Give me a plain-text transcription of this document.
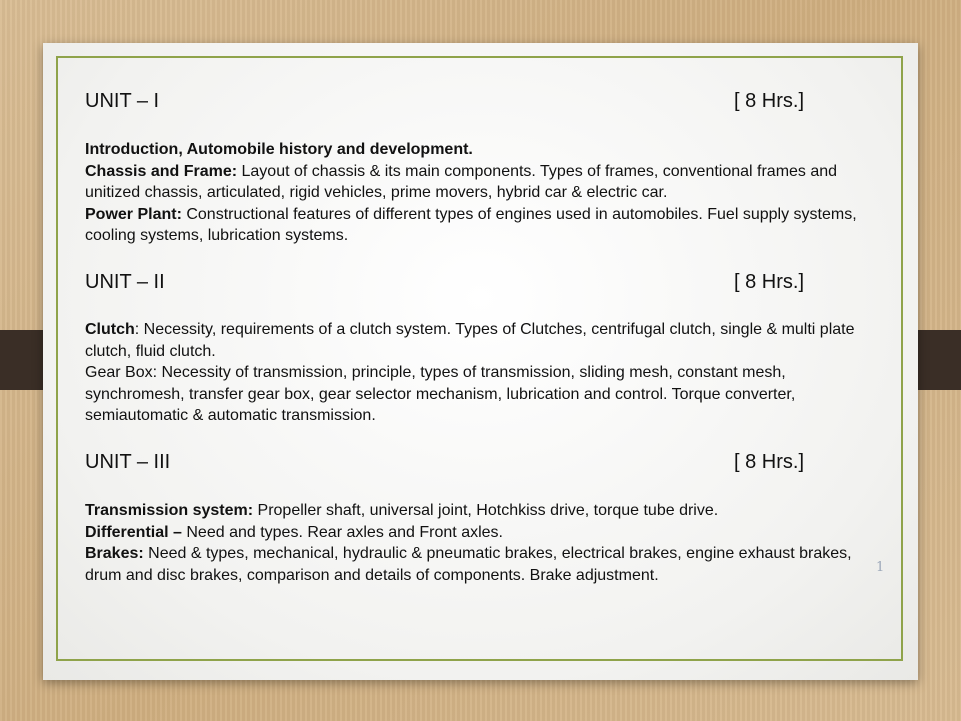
UNIT – I	[ 8 Hrs.]

Introduction, Automobile history and development.

Chassis and Frame: Layout of chassis & its main components. Types of frames, conventional frames and unitized chassis, articulated, rigid vehicles, prime movers, hybrid car & electric car.

Power Plant: Constructional features of different types of engines used in automobiles. Fuel supply systems, cooling systems, lubrication systems.

UNIT – II	[ 8 Hrs.]

Clutch: Necessity, requirements of a clutch system. Types of Clutches, centrifugal clutch, single & multi plate clutch, fluid clutch.

Gear Box: Necessity of transmission, principle, types of transmission, sliding mesh, constant mesh, synchromesh, transfer gear box, gear selector mechanism, lubrication and control. Torque converter, semiautomatic & automatic transmission.

UNIT – III	[ 8 Hrs.]

Transmission system: Propeller shaft, universal joint, Hotchkiss drive, torque tube drive.

Differential – Need and types. Rear axles and Front axles.

Brakes: Need & types, mechanical, hydraulic & pneumatic brakes, electrical brakes, engine exhaust brakes, drum and disc brakes, comparison and details of components. Brake adjustment.	1
